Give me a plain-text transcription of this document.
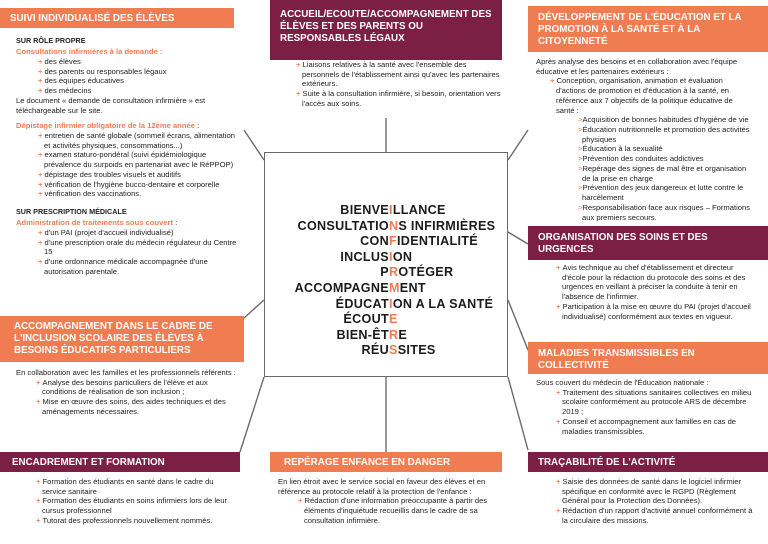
SUIVI INDIVIDUALISÉ DES ÉLÈVES

SUR RÔLE PROPRE

Consultations infirmières à la demande :

+ des élèves
+ des parents ou responsables légaux
+ des équipes éducatives
+ des médecins

Le document « demande de consultation infirmière » est téléchargeable sur le site.

Dépistage infirmier obligatoire de la 12ème année :

+ entretien de santé globale (sommeil écrans, alimentation et activités physiques, consommations...)
+ examen staturo-pondéral (suivi épidémiologique prévalence du surpoids en partenariat avec le RéPPOP)
+ dépistage des troubles visuels et auditifs
+ vérification de l'hygiène bucco-dentaire et corporelle
+ vérification des vaccinations.

SUR PRESCRIPTION MÉDICALE

Administration de traitements sous couvert :

+ d'un PAI (projet d'accueil individualisé)
+ d'une prescription orale du médecin régulateur du Centre 15
+ d'une ordonnance médicale accompagnée d'une autorisation parentale.
ACCUEIL/ECOUTE/ACCOMPAGNEMENT DES ÉLÈVES ET DES PARENTS OU RESPONSABLES LÉGAUX
+ Liaisons relatives à la santé avec l'ensemble des personnels de l'établissement ainsi qu'avec les partenaires extérieurs.
+ Suite à la consultation infirmière, si besoin, orientation vers l'accès aux soins.
DÉVELOPPEMENT DE L'ÉDUCATION ET LA PROMOTION À LA SANTÉ ET À LA CITOYENNETÉ

Après analyse des besoins et en collaboration avec l'équipe éducative et les partenaires extérieurs :

+ Conception, organisation, animation et évaluation d'actions de promotion et d'éducation à la santé, en référence aux 7 objectifs de la politique éducative de santé :
> Acquisition de bonnes habitudes d'hygiène de vie
> Éducation nutritionnelle et promotion des activités physiques
> Éducation à la sexualité
> Prévention des conduites addictives
> Repérage des signes de mal être et organisation de la prise en charge
> Prévention des jeux dangereux et lutte contre le harcèlement
> Responsabilisation face aux risques – Formations aux premiers secours.
ORGANISATION DES SOINS ET DES URGENCES
+ Avis technique au chef d'établissement et directeur d'école pour la rédaction du protocole des soins et des urgences en veillant à préciser la conduite à tenir en l'absence de l'infirmier.
+ Participation à la mise en œuvre du PAI (projet d'accueil individualisé) conformément aux textes en vigueur.
MALADIES TRANSMISSIBLES EN COLLECTIVITÉ

Sous couvert du médecin de l'Éducation nationale :

+ Traitement des situations sanitaires collectives en milieu scolaire conformément au protocole ARS de décembre 2019 ;
+ Conseil et accompagnement aux familles en cas de maladies transmissibles.
TRAÇABILITÉ DE L'ACTIVITÉ
+ Saisie des données de santé dans le logiciel infirmier spécifique en conformité avec le RGPD (Règlement Général pour la Protection des Données).
+ Rédaction d'un rapport d'activité annuel conformément à la circulaire des missions.
REPÉRAGE ENFANCE EN DANGER

En lien étroit avec le service social en faveur des élèves et en référence au protocole relatif à la protection de l'enfance :

+ Rédaction d'une information préoccupante à partir des éléments d'inquiétude recueillis dans le cadre de sa consultation infirmière.
ENCADREMENT ET FORMATION
+ Formation des étudiants en santé dans le cadre du service sanitaire
+ Formation des étudiants en soins infirmiers lors de leur cursus professionnel
+ Tutorat des professionnels nouvellement nommés.
ACCOMPAGNEMENT DANS LE CADRE DE L'INCLUSION SCOLAIRE DES ÉLÈVES À BESOINS ÉDUCATIFS PARTICULIERS

En collaboration avec les familles et les professionnels référents :

+ Analyse des besoins particuliers de l'élève et aux conditions de réalisation de son inclusion ;
+ Mise en œuvre des soins, des aides techniques et des aménagements nécessaires.
BIENVEILLANCE
CONSULTATIONS INFIRMIÈRES
CONFIDENTIALITÉ
INCLUSION
PROTÉGER
ACCOMPAGNEMENT
ÉDUCATION A LA SANTÉ
ÉCOUTE
BIEN-ÊTRE
RÉUSSITES
